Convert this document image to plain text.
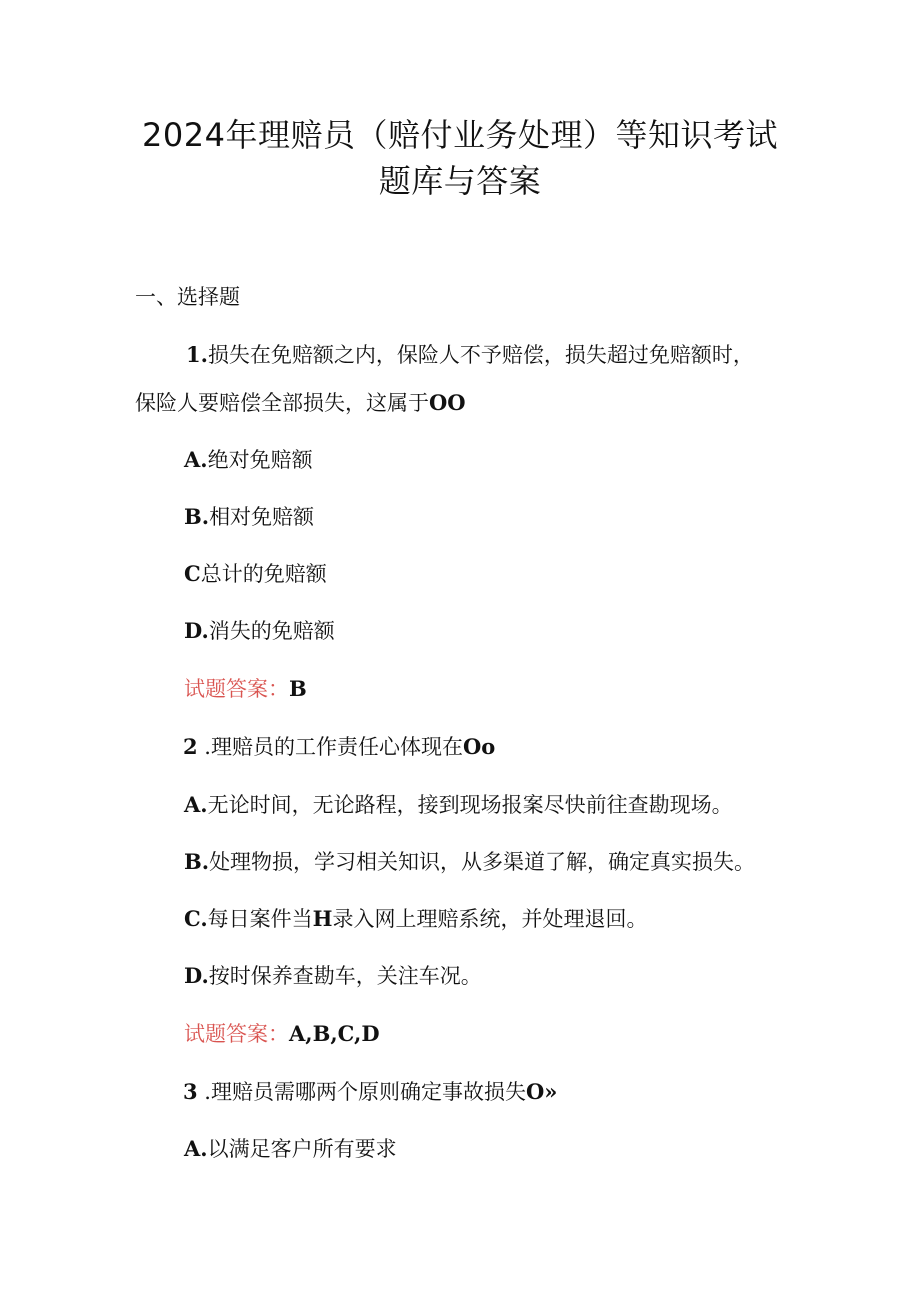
2024年理赔员（赔付业务处理）等知识考试
题库与答案
一、选择题
1.损失在免赔额之内，保险人不予赔偿，损失超过免赔额时，
保险人要赔偿全部损失，这属于OO
A.绝对免赔额
B.相对免赔额
C总计的免赔额
D.消失的免赔额
试题答案：B
2 .理赔员的工作责任心体现在Oo
A.无论时间，无论路程，接到现场报案尽快前往查勘现场。
B.处理物损，学习相关知识，从多渠道了解，确定真实损失。
C.每日案件当H录入网上理赔系统，并处理退回。
D.按时保养查勘车，关注车况。
试题答案：A,B,C,D
3 .理赔员需哪两个原则确定事故损失O»
A.以满足客户所有要求
